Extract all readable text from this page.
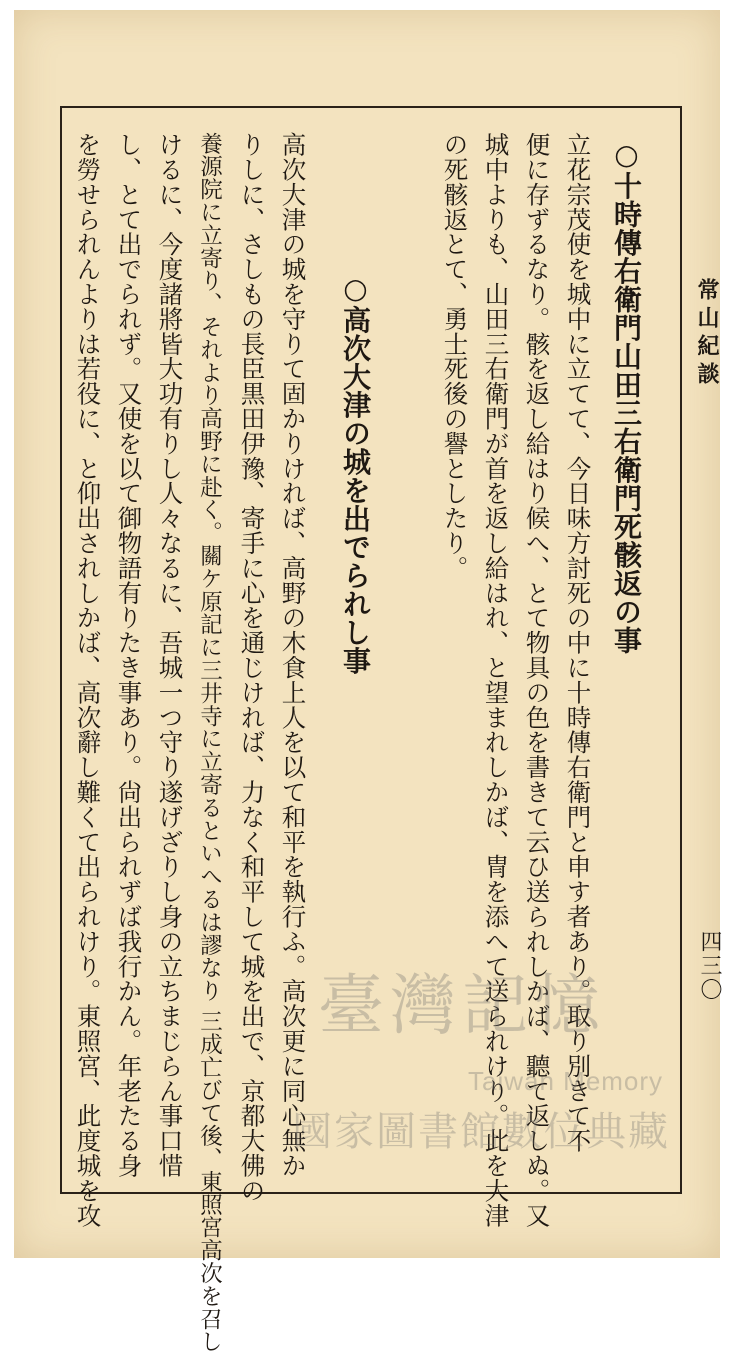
常山紀談
四三〇
○十時傳右衛門山田三右衛門死骸返の事
立花宗茂使を城中に立てて、今日味方討死の中に十時傳右衛門と申す者あり。取り別きて不
便に存ずるなり。骸を返し給はり候へ、とて物具の色を書きて云ひ送られしかば、聽て返しぬ。又
城中よりも、山田三右衛門が首を返し給はれ、と望まれしかば、冑を添へて送られけり。此を大津
の死骸返とて、勇士死後の譽としたり。
○高次大津の城を出でられし事
高次大津の城を守りて固かりければ、高野の木食上人を以て和平を執行ふ。高次更に同心無か
りしに、さしもの長臣黒田伊豫、寄手に心を通じければ、力なく和平して城を出で、京都大佛の
養源院に立寄り、それより高野に赴く。關ケ原記に三井寺に立寄るといへるは謬なり 三成亡びて後、東照宮高次を召し
けるに、今度諸將皆大功有りし人々なるに、吾城一つ守り遂げざりし身の立ちまじらん事口惜
し、とて出でられず。又使を以て御物語有りたき事あり。尙出られずば我行かん。年老たる身
を勞せられんよりは若役に、と仰出されしかば、高次辭し難くて出られけり。東照宮、此度城を攻	臺灣記憶
Taiwan Memory
國家圖書館數位典藏
